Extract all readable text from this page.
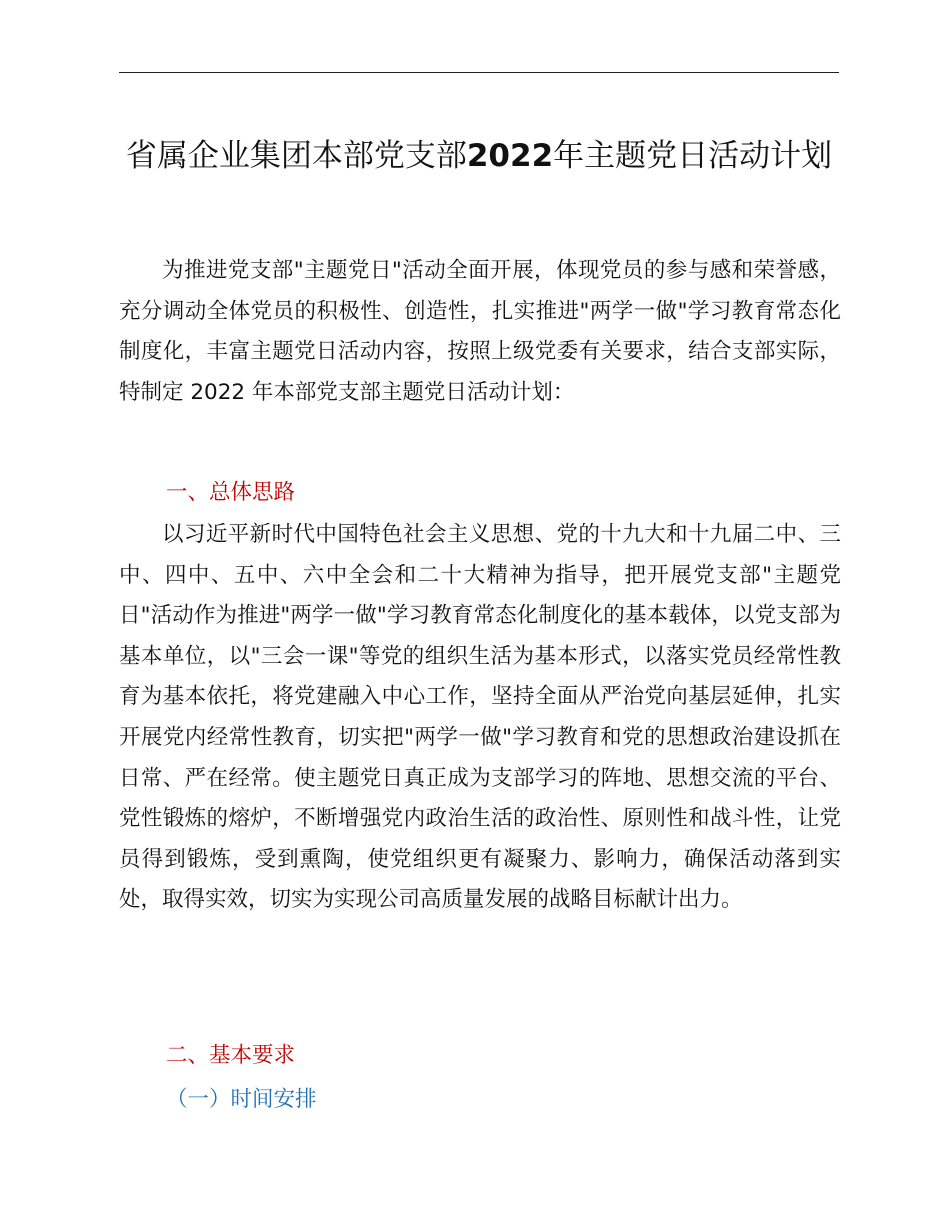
省属企业集团本部党支部2022年主题党日活动计划

为推进党支部"主题党日"活动全面开展，体现党员的参与感和荣誉感，充分调动全体党员的积极性、创造性，扎实推进"两学一做"学习教育常态化制度化，丰富主题党日活动内容，按照上级党委有关要求，结合支部实际，特制定 2022 年本部党支部主题党日活动计划：

一、总体思路

以习近平新时代中国特色社会主义思想、党的十九大和十九届二中、三中、四中、五中、六中全会和二十大精神为指导，把开展党支部"主题党日"活动作为推进"两学一做"学习教育常态化制度化的基本载体，以党支部为基本单位，以"三会一课"等党的组织生活为基本形式，以落实党员经常性教育为基本依托，将党建融入中心工作，坚持全面从严治党向基层延伸，扎实开展党内经常性教育，切实把"两学一做"学习教育和党的思想政治建设抓在日常、严在经常。使主题党日真正成为支部学习的阵地、思想交流的平台、党性锻炼的熔炉，不断增强党内政治生活的政治性、原则性和战斗性，让党员得到锻炼，受到熏陶，使党组织更有凝聚力、影响力，确保活动落到实处，取得实效，切实为实现公司高质量发展的战略目标献计出力。

二、基本要求
（一）时间安排
